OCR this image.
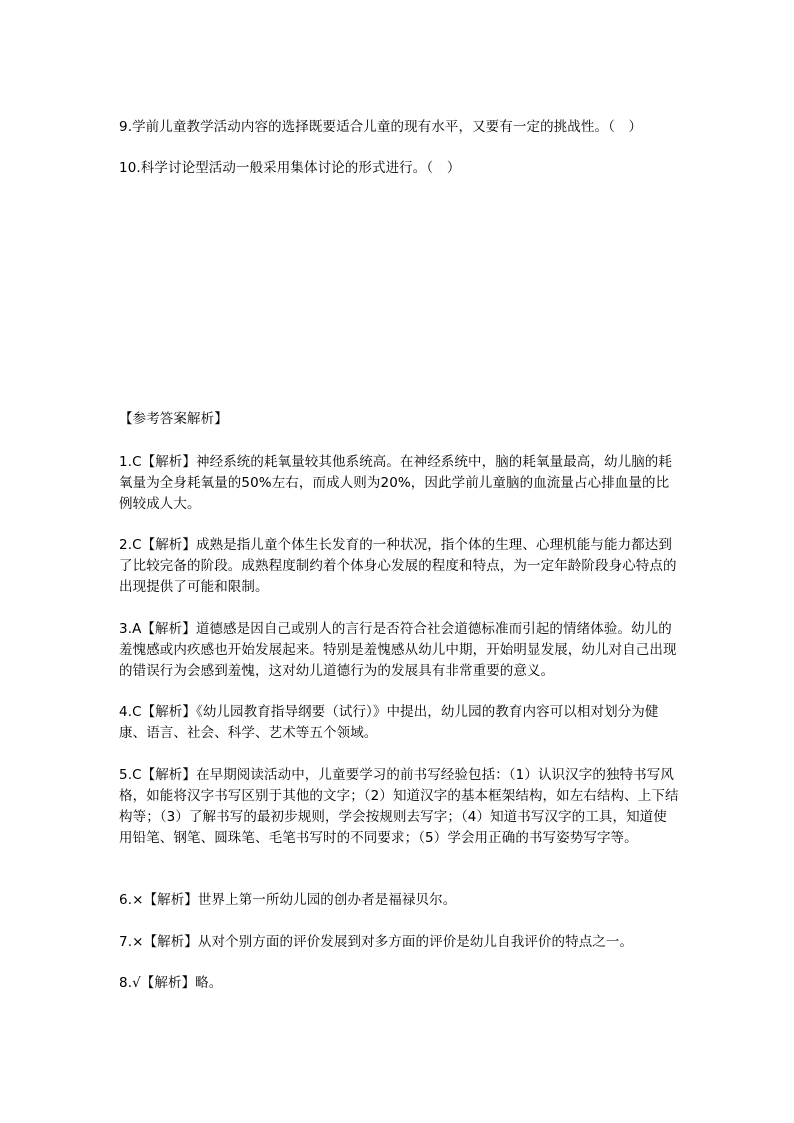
9.学前儿童教学活动内容的选择既要适合儿童的现有水平，又要有一定的挑战性。（　）
10.科学讨论型活动一般采用集体讨论的形式进行。（　）
【参考答案解析】
1.C【解析】神经系统的耗氧量较其他系统高。在神经系统中，脑的耗氧量最高，幼儿脑的耗氧量为全身耗氧量的50%左右，而成人则为20%，因此学前儿童脑的血流量占心排血量的比例较成人大。
2.C【解析】成熟是指儿童个体生长发育的一种状况，指个体的生理、心理机能与能力都达到了比较完备的阶段。成熟程度制约着个体身心发展的程度和特点，为一定年龄阶段身心特点的出现提供了可能和限制。
3.A【解析】道德感是因自己或别人的言行是否符合社会道德标准而引起的情绪体验。幼儿的羞愧感或内疚感也开始发展起来。特别是羞愧感从幼儿中期，开始明显发展，幼儿对自己出现的错误行为会感到羞愧，这对幼儿道德行为的发展具有非常重要的意义。
4.C【解析】《幼儿园教育指导纲要（试行）》中提出，幼儿园的教育内容可以相对划分为健康、语言、社会、科学、艺术等五个领域。
5.C【解析】在早期阅读活动中，儿童要学习的前书写经验包括：（1）认识汉字的独特书写风格，如能将汉字书写区别于其他的文字；（2）知道汉字的基本框架结构，如左右结构、上下结构等；（3）了解书写的最初步规则，学会按规则去写字；（4）知道书写汉字的工具，知道使用铅笔、钢笔、圆珠笔、毛笔书写时的不同要求；（5）学会用正确的书写姿势写字等。
6.×【解析】世界上第一所幼儿园的创办者是福禄贝尔。
7.×【解析】从对个别方面的评价发展到对多方面的评价是幼儿自我评价的特点之一。
8.√【解析】略。
